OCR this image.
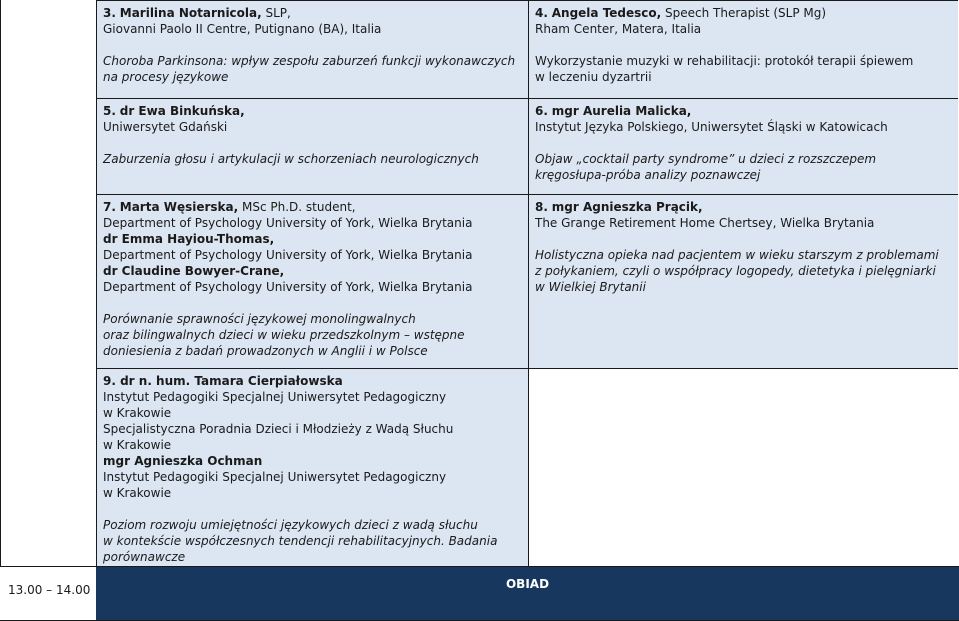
3. Marilina Notarnicola, SLP,
Giovanni Paolo II Centre, Putignano (BA), Italia
Choroba Parkinsona: wpływ zespołu zaburzeń funkcji wykonawczych
na procesy językowe
4. Angela Tedesco, Speech Therapist (SLP Mg)
Rham Center, Matera, Italia
Wykorzystanie muzyki w rehabilitacji: protokół terapii śpiewem
w leczeniu dyzartrii
5. dr Ewa Binkuńska,
Uniwersytet Gdański
Zaburzenia głosu i artykulacji w schorzeniach neurologicznych
6. mgr Aurelia Malicka,
Instytut Języka Polskiego, Uniwersytet Śląski w Katowicach
Objaw „cocktail party syndrome” u dzieci z rozszczepem
kręgosłupa-próba analizy poznawczej
7. Marta Węsierska, MSc Ph.D. student,
Department of Psychology University of York, Wielka Brytania
dr Emma Hayiou-Thomas,
Department of Psychology University of York, Wielka Brytania
dr Claudine Bowyer-Crane,
Department of Psychology University of York, Wielka Brytania
Porównanie sprawności językowej monolingwalnych
oraz bilingwalnych dzieci w wieku przedszkolnym – wstępne
doniesienia z badań prowadzonych w Anglii i w Polsce
8. mgr Agnieszka Prącik,
The Grange Retirement Home Chertsey, Wielka Brytania
Holistyczna opieka nad pacjentem w wieku starszym z problemami
z połykaniem, czyli o współpracy logopedy, dietetyka i pielęgniarki
w Wielkiej Brytanii
9. dr n. hum. Tamara Cierpiałowska
Instytut Pedagogiki Specjalnej Uniwersytet Pedagogiczny
w Krakowie
Specjalistyczna Poradnia Dzieci i Młodzieży z Wadą Słuchu
w Krakowie
mgr Agnieszka Ochman
Instytut Pedagogiki Specjalnej Uniwersytet Pedagogiczny
w Krakowie
Poziom rozwoju umiejętności językowych dzieci z wadą słuchu
w kontekście współczesnych tendencji rehabilitacyjnych. Badania
porównawcze
13.00 – 14.00	OBIAD
